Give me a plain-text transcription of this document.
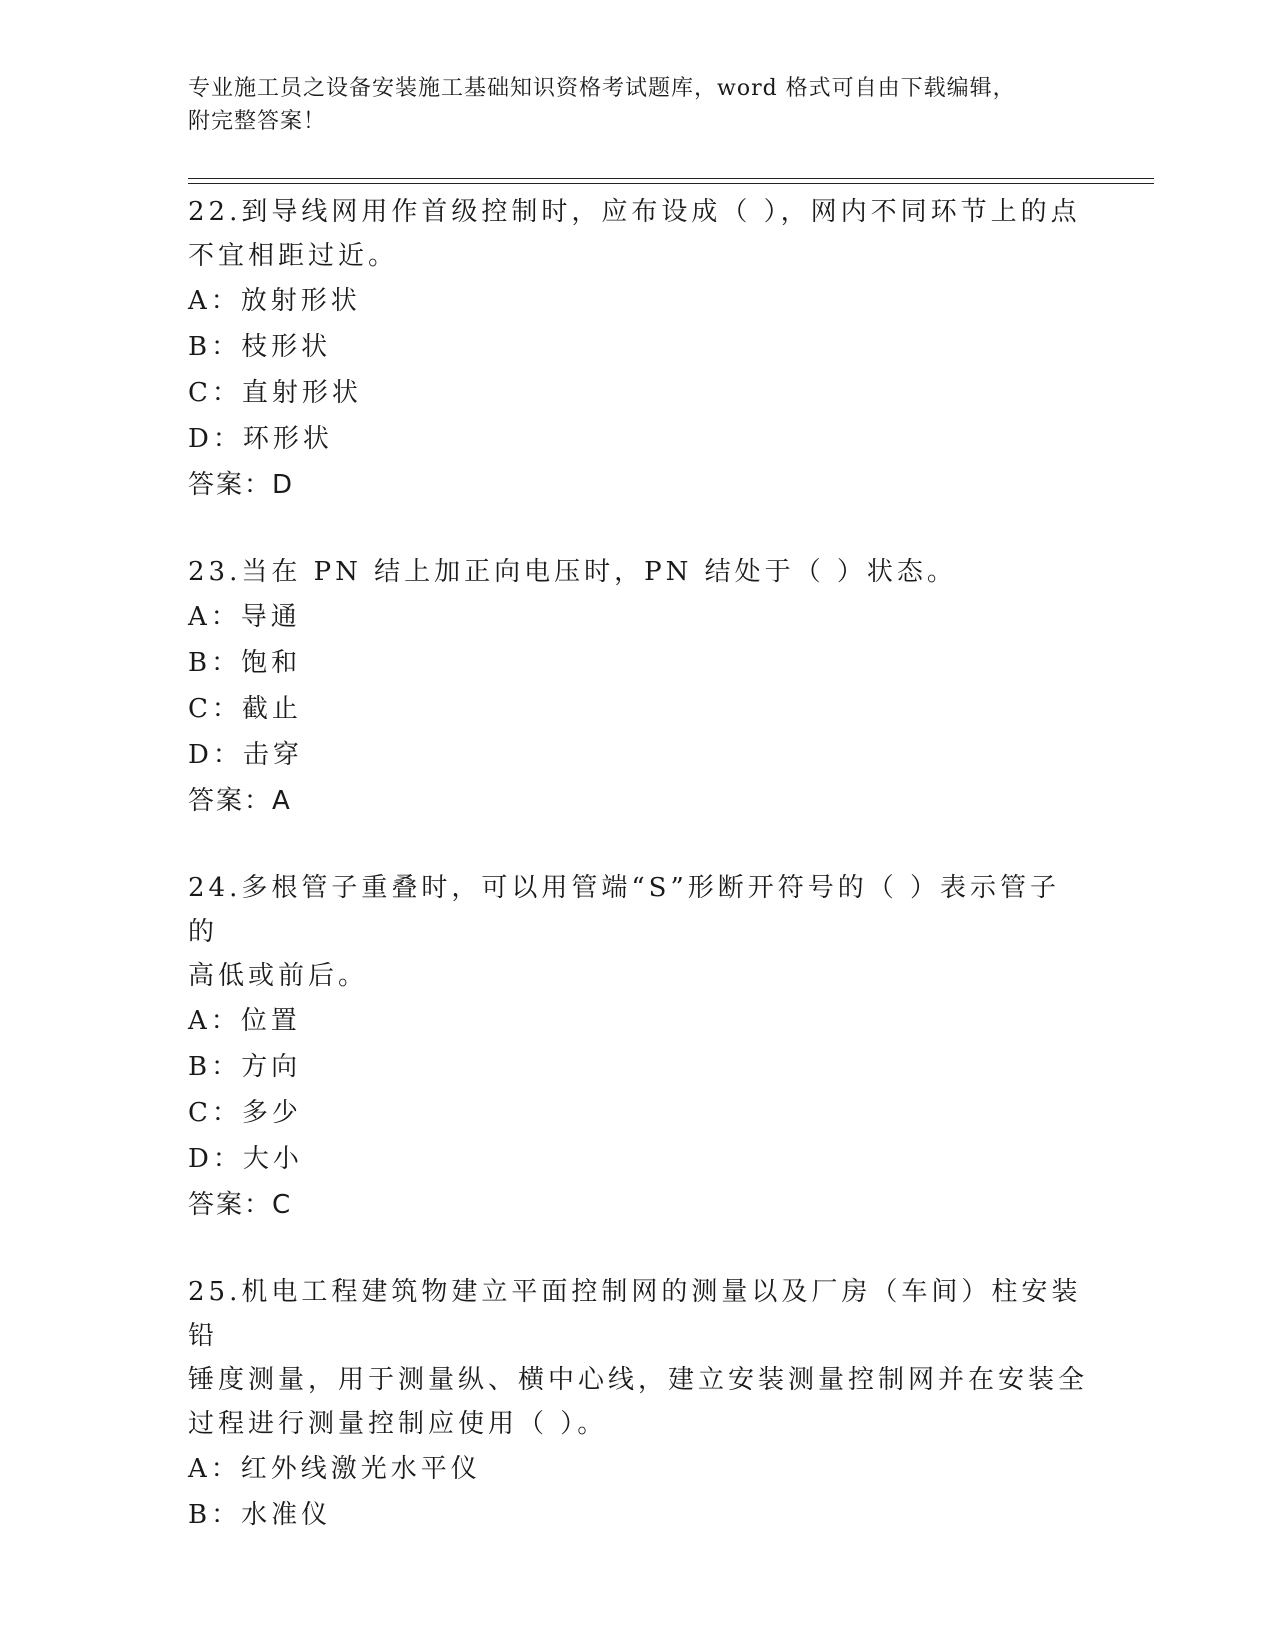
专业施工员之设备安装施工基础知识资格考试题库，word 格式可自由下载编辑，
附完整答案！

22.到导线网用作首级控制时，应布设成（ ），网内不同环节上的点

不宜相距过近。

A：放射形状

B：枝形状

C：直射形状

D：环形状

答案：D

23.当在 PN 结上加正向电压时，PN 结处于（ ）状态。

A：导通

B：饱和

C：截止

D：击穿

答案：A

24.多根管子重叠时，可以用管端“S”形断开符号的（ ）表示管子的

高低或前后。

A：位置

B：方向

C：多少

D：大小

答案：C

25.机电工程建筑物建立平面控制网的测量以及厂房（车间）柱安装铅

锤度测量，用于测量纵、横中心线，建立安装测量控制网并在安装全

过程进行测量控制应使用（ ）。

A：红外线激光水平仪

B：水准仪
